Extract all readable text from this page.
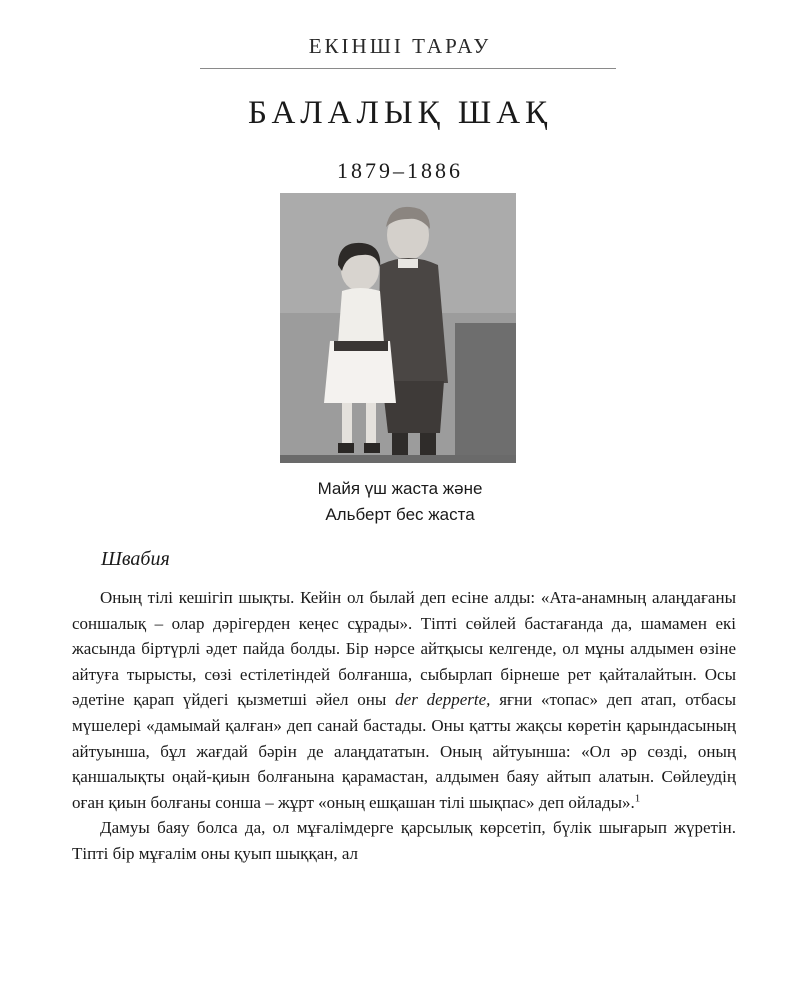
ЕКІНШІ ТАРАУ
БАЛАЛЫҚ ШАҚ
1879–1886
Майя үш жаста және
Альберт бес жаста
Швабия

Оның тілі кешігіп шықты. Кейін ол былай деп есіне алды: «Ата-анамның алаңдағаны соншалық – олар дәрігерден кеңес сұрады». Тіпті сөйлей бастағанда да, шамамен екі жасында біртүрлі әдет пайда болды. Бір нәрсе айтқысы келгенде, ол мұны алдымен өзіне айтуға тырысты, сөзі естілетіндей болғанша, сыбырлап бірнеше рет қайталайтын. Осы әдетіне қарап үйдегі қызметші әйел оны der depperte, яғни «топас» деп атап, отбасы мүшелері «дамымай қалған» деп санай бастады. Оны қатты жақсы көретін қарындасының айтуынша, бұл жағдай бәрін де алаңдататын. Оның айтуынша: «Ол әр сөзді, оның қаншалықты оңай-қиын болғанына қарамастан, алдымен баяу айтып алатын. Сөйлеудің оған қиын болғаны сонша – жұрт «оның ешқашан тілі шықпас» деп ойлады».$^1$

Дамуы баяу болса да, ол мұғалімдерге қарсылық көрсетіп, бүлік шығарып жүретін. Тіпті бір мұғалім оны қуып шыққан, ал
